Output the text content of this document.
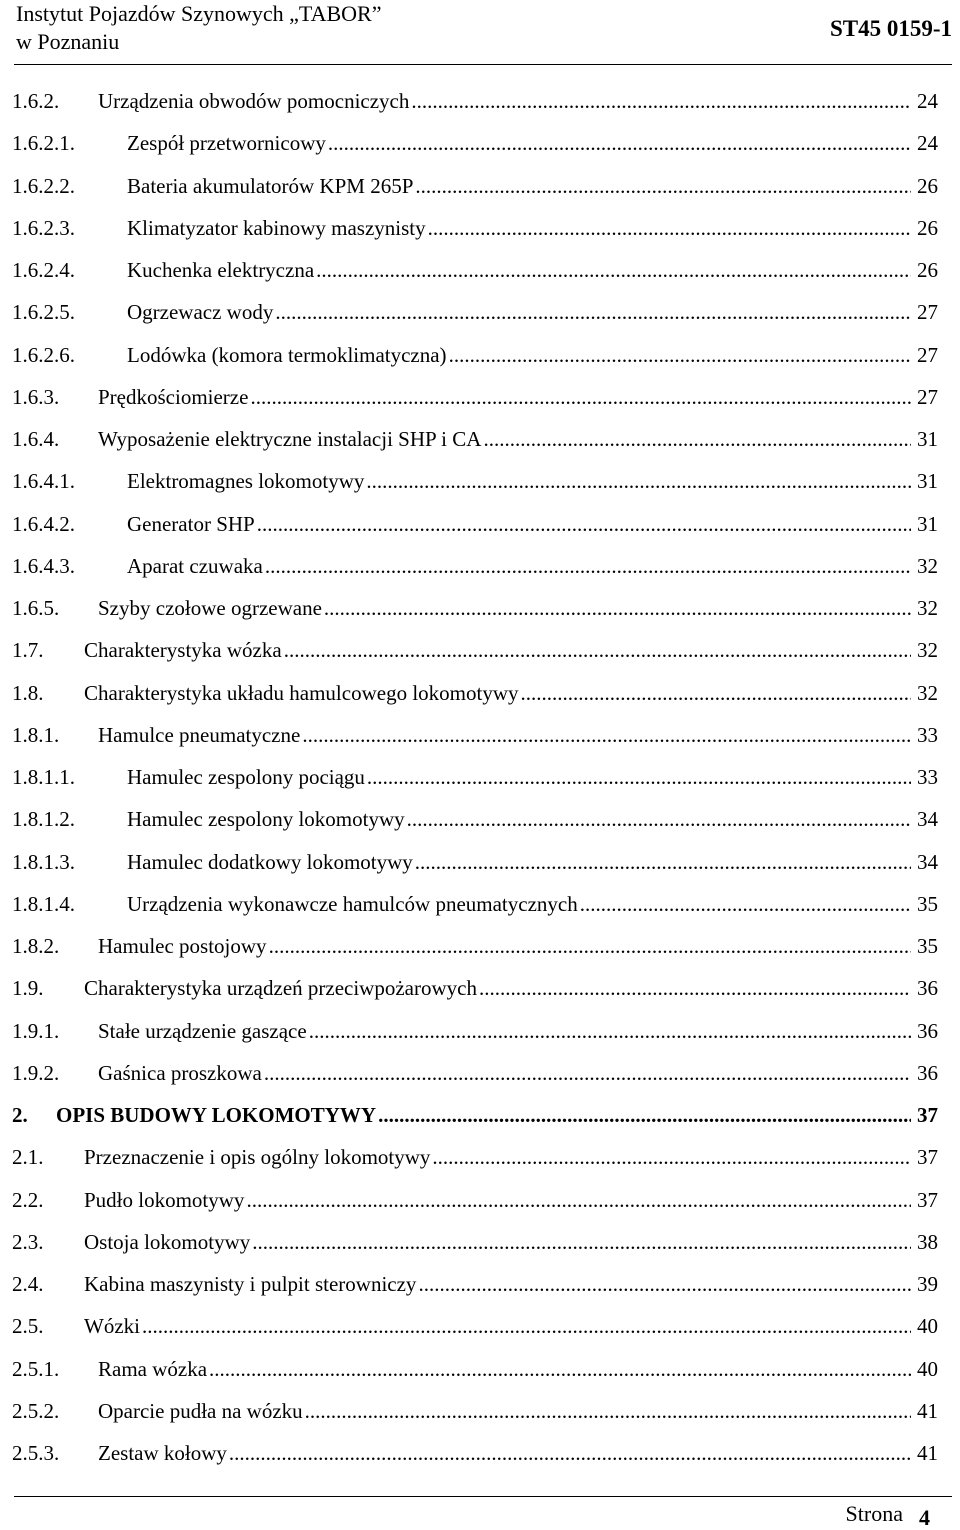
Instytut Pojazdów Szynowych „TABOR”
w Poznaniu
ST45 0159-1
1.6.2. Urządzenia obwodów pomocniczych .....	24
1.6.2.1. Zespół przetwornicowy .....	24
1.6.2.2. Bateria akumulatorów KPM 265P .....	26
1.6.2.3. Klimatyzator kabinowy maszynisty .....	26
1.6.2.4. Kuchenka elektryczna .....	26
1.6.2.5. Ogrzewacz wody .....	27
1.6.2.6. Lodówka (komora termoklimatyczna) .....	27
1.6.3. Prędkościomierze .....	27
1.6.4. Wyposażenie elektryczne instalacji SHP i CA .....	31
1.6.4.1. Elektromagnes lokomotywy .....	31
1.6.4.2. Generator SHP .....	31
1.6.4.3. Aparat czuwaka .....	32
1.6.5. Szyby czołowe ogrzewane .....	32
1.7. Charakterystyka wózka .....	32
1.8. Charakterystyka układu hamulcowego lokomotywy .....	32
1.8.1. Hamulce pneumatyczne .....	33
1.8.1.1. Hamulec zespolony pociągu .....	33
1.8.1.2. Hamulec zespolony lokomotywy .....	34
1.8.1.3. Hamulec dodatkowy lokomotywy .....	34
1.8.1.4. Urządzenia wykonawcze hamulców pneumatycznych .....	35
1.8.2. Hamulec postojowy .....	35
1.9. Charakterystyka urządzeń przeciwpożarowych .....	36
1.9.1. Stałe urządzenie gaszące .....	36
1.9.2. Gaśnica proszkowa .....	36
2. OPIS BUDOWY LOKOMOTYWY .....	37
2.1. Przeznaczenie i opis ogólny lokomotywy .....	37
2.2. Pudło lokomotywy .....	37
2.3. Ostoja lokomotywy .....	38
2.4. Kabina maszynisty i pulpit sterowniczy .....	39
2.5. Wózki .....	40
2.5.1. Rama wózka .....	40
2.5.2. Oparcie pudła na wózku .....	41
2.5.3. Zestaw kołowy .....	41
Strona 4
